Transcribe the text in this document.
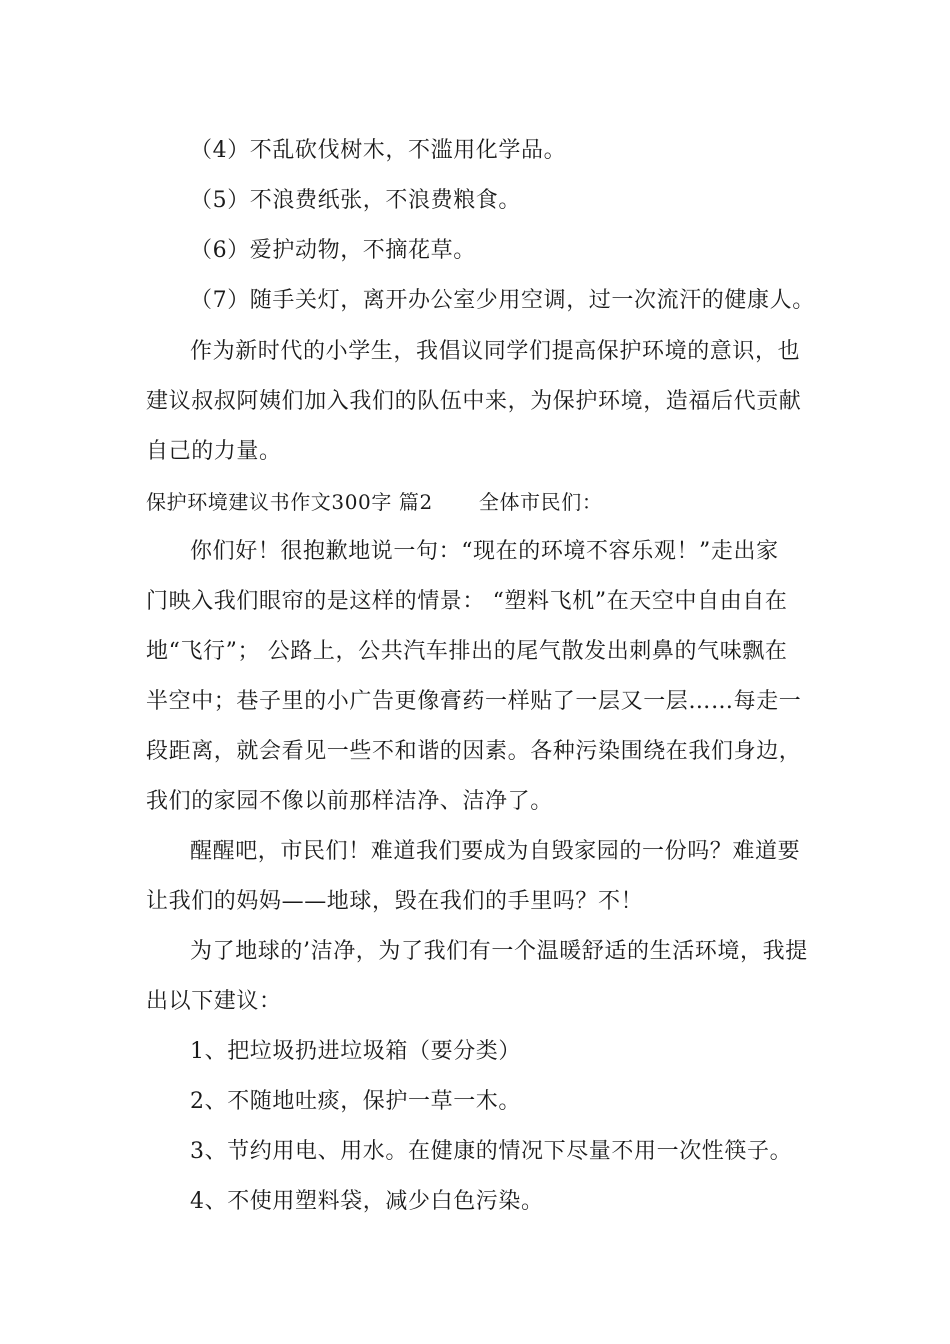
（4）不乱砍伐树木，不滥用化学品。
（5）不浪费纸张，不浪费粮食。
（6）爱护动物，不摘花草。
（7）随手关灯，离开办公室少用空调，过一次流汗的健康人。
作为新时代的小学生，我倡议同学们提高保护环境的意识，也
建议叔叔阿姨们加入我们的队伍中来，为保护环境，造福后代贡献
自己的力量。
保护环境建议书作文300字 篇2 全体市民们：
你们好！很抱歉地说一句：“现在的环境不容乐观！”走出家
门映入我们眼帘的是这样的情景： “塑料飞机”在天空中自由自在
地“飞行”； 公路上，公共汽车排出的尾气散发出刺鼻的气味飘在
半空中；巷子里的小广告更像膏药一样贴了一层又一层……每走一
段距离，就会看见一些不和谐的因素。各种污染围绕在我们身边，
我们的家园不像以前那样洁净、洁净了。
醒醒吧，市民们！难道我们要成为自毁家园的一份吗？难道要
让我们的妈妈——地球，毁在我们的手里吗？不！
为了地球的’洁净，为了我们有一个温暖舒适的生活环境，我提
出以下建议：
1、把垃圾扔进垃圾箱（要分类）
2、不随地吐痰，保护一草一木。
3、节约用电、用水。在健康的情况下尽量不用一次性筷子。
4、不使用塑料袋，减少白色污染。
